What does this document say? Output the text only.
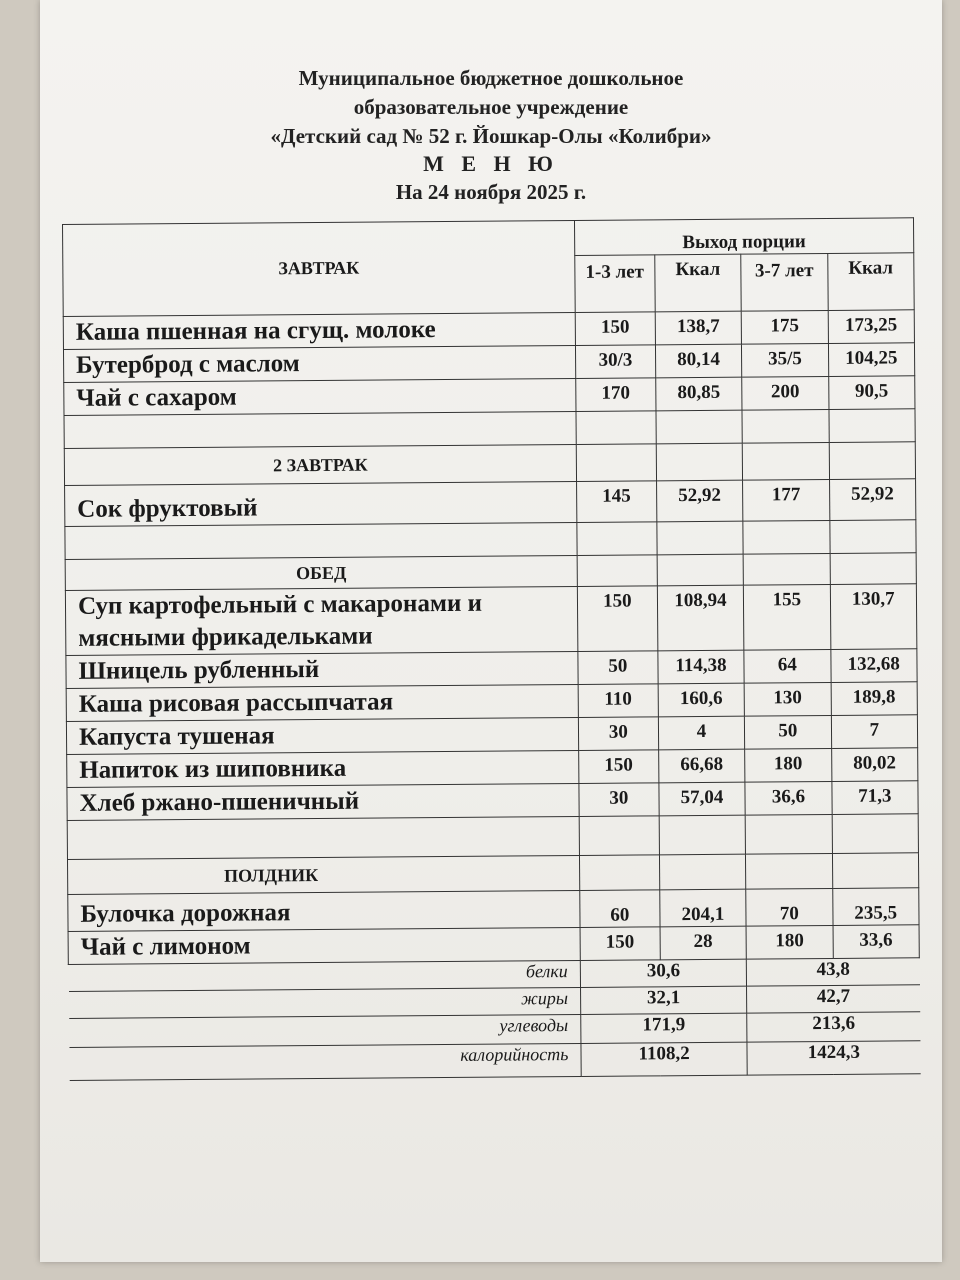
Муниципальное бюджетное дошкольное
образовательное учреждение
«Детский сад № 52 г. Йошкар-Олы «Колибри»
М Е Н Ю
На 24 ноября 2025 г.
ЗАВТРАК	Выход порции			
	1-3 лет	Ккал	3-7 лет	Ккал
Каша пшенная на сгущ. молоке	150	138,7	175	173,25
Бутерброд с маслом	30/3	80,14	35/5	104,25
Чай с сахаром	170	80,85	200	90,5

2 ЗАВТРАК				
Сок фруктовый	145	52,92	177	52,92

ОБЕД				
Суп картофельный с макаронами и мясными фрикадельками	150	108,94	155	130,7
Шницель рубленный	50	114,38	64	132,68
Каша рисовая рассыпчатая	110	160,6	130	189,8
Капуста тушеная	30	4	50	7
Напиток из шиповника	150	66,68	180	80,02
Хлеб ржано-пшеничный	30	57,04	36,6	71,3

ПОЛДНИК				
Булочка дорожная	60	204,1	70	235,5
Чай с лимоном	150	28	180	33,6
белки	30,6		43,8	
жиры	32,1		42,7	
углеводы	171,9		213,6	
калорийность	1108,2		1424,3	
